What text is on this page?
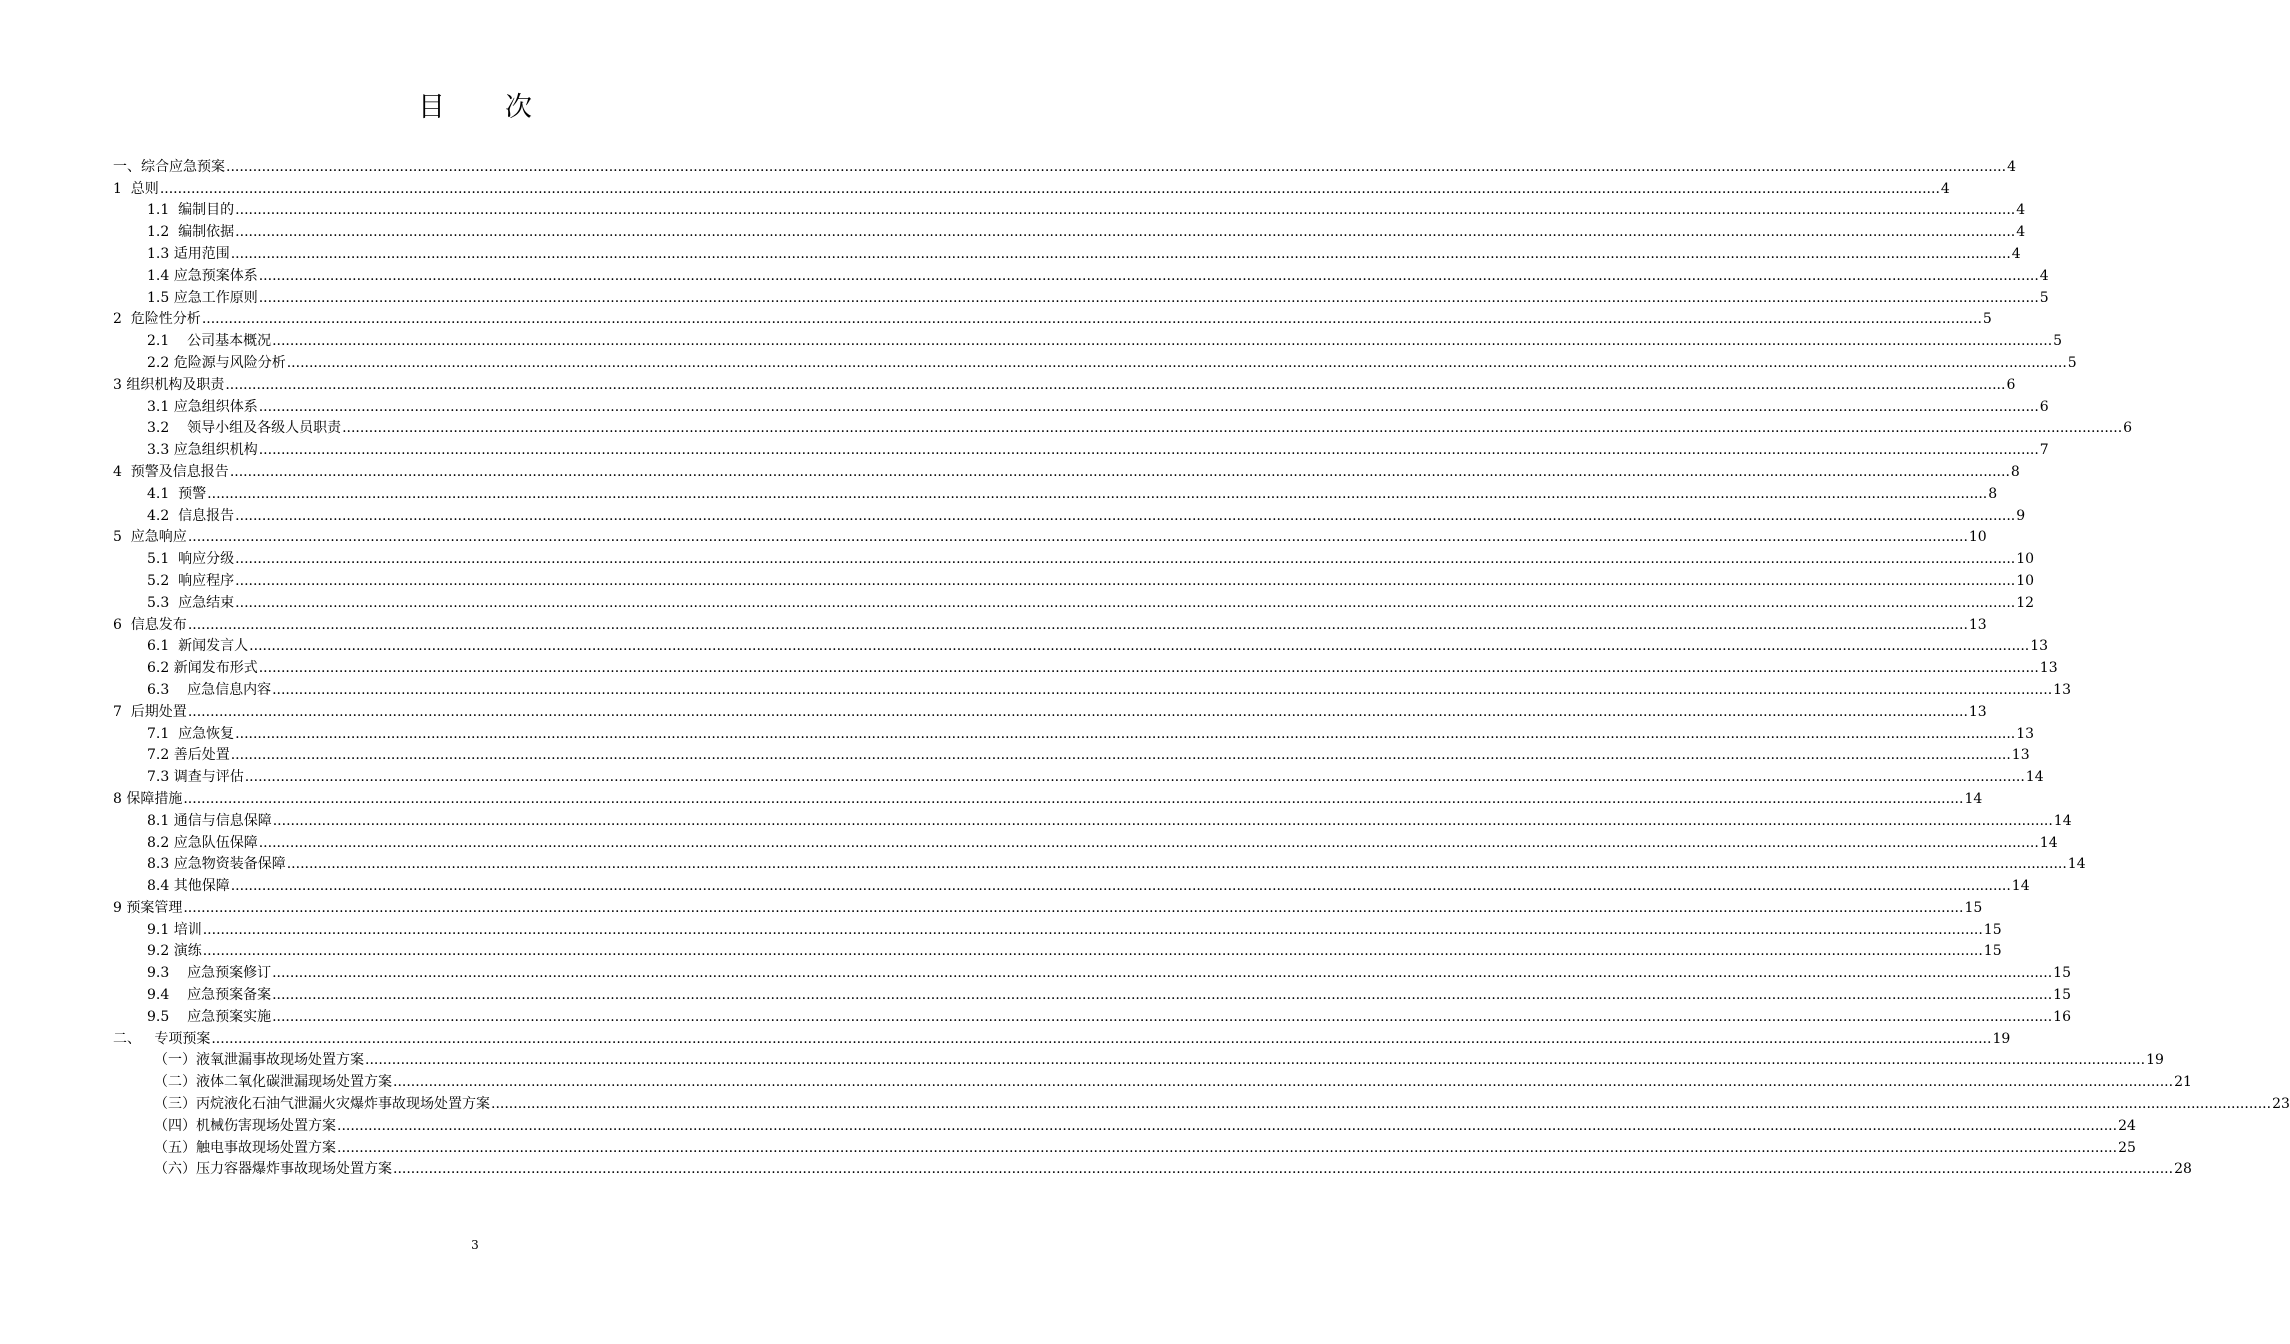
目次
一、综合应急预案 ................................................................................................................................................................................................................................................................................................................................................................................................................ 4
1  总则 ................................................................................................................................................................................................................................................................................................................................................................................................................ 4
1.1  编制目的 ................................................................................................................................................................................................................................................................................................................................................................................................................ 4
1.2  编制依据 ................................................................................................................................................................................................................................................................................................................................................................................................................ 4
1.3 适用范围 ................................................................................................................................................................................................................................................................................................................................................................................................................ 4
1.4 应急预案体系 ................................................................................................................................................................................................................................................................................................................................................................................................................ 4
1.5 应急工作原则 ................................................................................................................................................................................................................................................................................................................................................................................................................ 5
2  危险性分析 ................................................................................................................................................................................................................................................................................................................................................................................................................ 5
2.1    公司基本概况 ................................................................................................................................................................................................................................................................................................................................................................................................................ 5
2.2 危险源与风险分析 ................................................................................................................................................................................................................................................................................................................................................................................................................ 5
3 组织机构及职责 ................................................................................................................................................................................................................................................................................................................................................................................................................ 6
3.1 应急组织体系 ................................................................................................................................................................................................................................................................................................................................................................................................................ 6
3.2    领导小组及各级人员职责 ................................................................................................................................................................................................................................................................................................................................................................................................................ 6
3.3 应急组织机构 ................................................................................................................................................................................................................................................................................................................................................................................................................ 7
4  预警及信息报告 ................................................................................................................................................................................................................................................................................................................................................................................................................ 8
4.1  预警 ................................................................................................................................................................................................................................................................................................................................................................................................................ 8
4.2  信息报告 ................................................................................................................................................................................................................................................................................................................................................................................................................ 9
5  应急响应 ................................................................................................................................................................................................................................................................................................................................................................................................................ 10
5.1  响应分级 ................................................................................................................................................................................................................................................................................................................................................................................................................ 10
5.2  响应程序 ................................................................................................................................................................................................................................................................................................................................................................................................................ 10
5.3  应急结束 ................................................................................................................................................................................................................................................................................................................................................................................................................ 12
6  信息发布 ................................................................................................................................................................................................................................................................................................................................................................................................................ 13
6.1  新闻发言人 ................................................................................................................................................................................................................................................................................................................................................................................................................ 13
6.2 新闻发布形式 ................................................................................................................................................................................................................................................................................................................................................................................................................ 13
6.3    应急信息内容 ................................................................................................................................................................................................................................................................................................................................................................................................................ 13
7  后期处置 ................................................................................................................................................................................................................................................................................................................................................................................................................ 13
7.1  应急恢复 ................................................................................................................................................................................................................................................................................................................................................................................................................ 13
7.2 善后处置 ................................................................................................................................................................................................................................................................................................................................................................................................................ 13
7.3 调查与评估 ................................................................................................................................................................................................................................................................................................................................................................................................................ 14
8 保障措施 ................................................................................................................................................................................................................................................................................................................................................................................................................ 14
8.1 通信与信息保障 ................................................................................................................................................................................................................................................................................................................................................................................................................ 14
8.2 应急队伍保障 ................................................................................................................................................................................................................................................................................................................................................................................................................ 14
8.3 应急物资装备保障 ................................................................................................................................................................................................................................................................................................................................................................................................................ 14
8.4 其他保障 ................................................................................................................................................................................................................................................................................................................................................................................................................ 14
9 预案管理 ................................................................................................................................................................................................................................................................................................................................................................................................................ 15
9.1 培训 ................................................................................................................................................................................................................................................................................................................................................................................................................ 15
9.2 演练 ................................................................................................................................................................................................................................................................................................................................................................................................................ 15
9.3    应急预案修订 ................................................................................................................................................................................................................................................................................................................................................................................................................ 15
9.4    应急预案备案 ................................................................................................................................................................................................................................................................................................................................................................................................................ 15
9.5    应急预案实施 ................................................................................................................................................................................................................................................................................................................................................................................................................ 16
二、   专项预案 ................................................................................................................................................................................................................................................................................................................................................................................................................ 19
（一）液氧泄漏事故现场处置方案 ................................................................................................................................................................................................................................................................................................................................................................................................................ 19
（二）液体二氧化碳泄漏现场处置方案 ................................................................................................................................................................................................................................................................................................................................................................................................................ 21
（三）丙烷液化石油气泄漏火灾爆炸事故现场处置方案 ................................................................................................................................................................................................................................................................................................................................................................................................................ 23
（四）机械伤害现场处置方案 ................................................................................................................................................................................................................................................................................................................................................................................................................ 24
（五）触电事故现场处置方案 ................................................................................................................................................................................................................................................................................................................................................................................................................ 25
（六）压力容器爆炸事故现场处置方案 ................................................................................................................................................................................................................................................................................................................................................................................................................ 28
3
